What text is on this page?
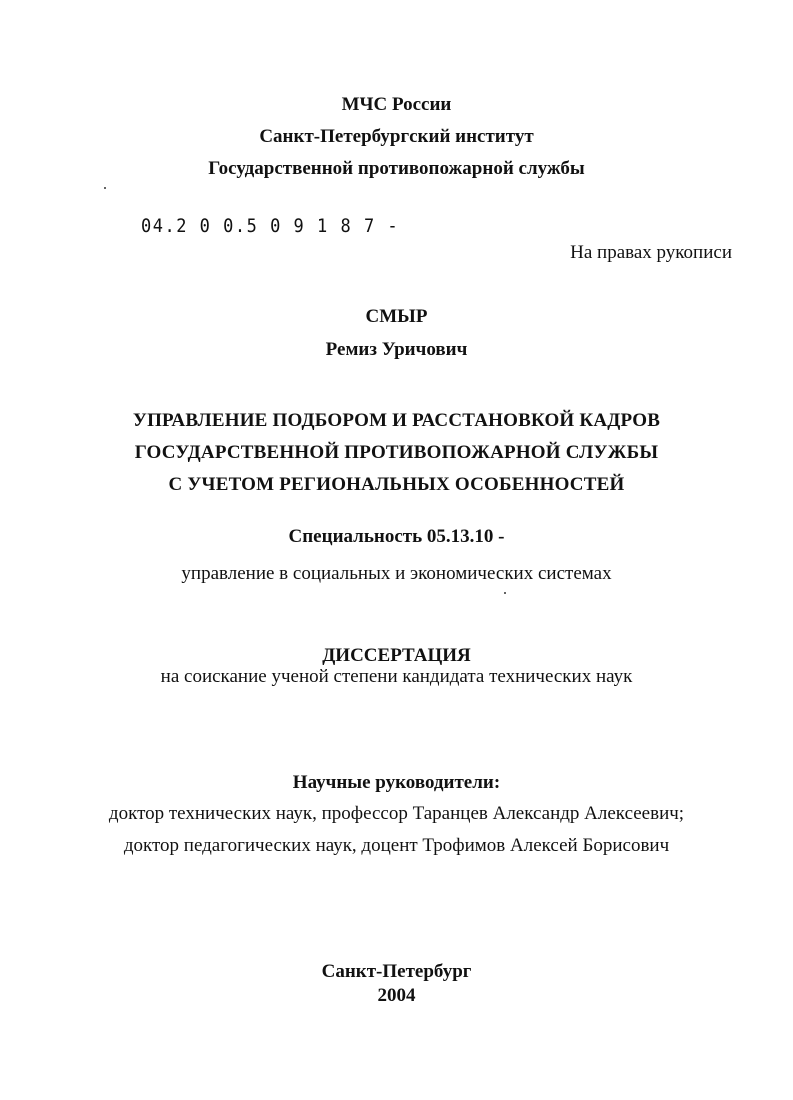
МЧС России
Санкт-Петербургский институт
Государственной противопожарной службы
04.2 0 0.5 0 9 1 8 7 -
На правах рукописи
СМЫР
Ремиз Уричович
УПРАВЛЕНИЕ ПОДБОРОМ И РАССТАНОВКОЙ КАДРОВ
ГОСУДАРСТВЕННОЙ ПРОТИВОПОЖАРНОЙ СЛУЖБЫ
С УЧЕТОМ РЕГИОНАЛЬНЫХ ОСОБЕННОСТЕЙ
Специальность 05.13.10 -
управление в социальных и экономических системах
ДИССЕРТАЦИЯ
на соискание ученой степени кандидата технических наук
Научные руководители:
доктор технических наук, профессор Таранцев Александр Алексеевич;
доктор педагогических наук, доцент Трофимов Алексей Борисович
Санкт-Петербург
2004
